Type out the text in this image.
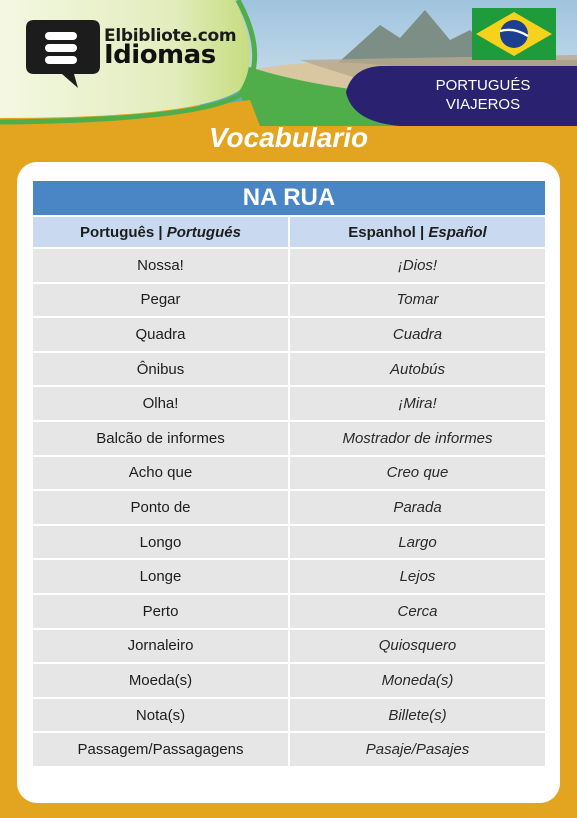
Elbibliote.com
Idiomas
PORTUGUÉS
VIAJEROS
Vocabulario
NA RUA	
Português | Portugués	Espanhol | Español
Nossa!	¡Dios!
Pegar	Tomar
Quadra	Cuadra
Ônibus	Autobús
Olha!	¡Mira!
Balcão de informes	Mostrador de informes
Acho que	Creo que
Ponto de	Parada
Longo	Largo
Longe	Lejos
Perto	Cerca
Jornaleiro	Quiosquero
Moeda(s)	Moneda(s)
Nota(s)	Billete(s)
Passagem/Passagagens	Pasaje/Pasajes
